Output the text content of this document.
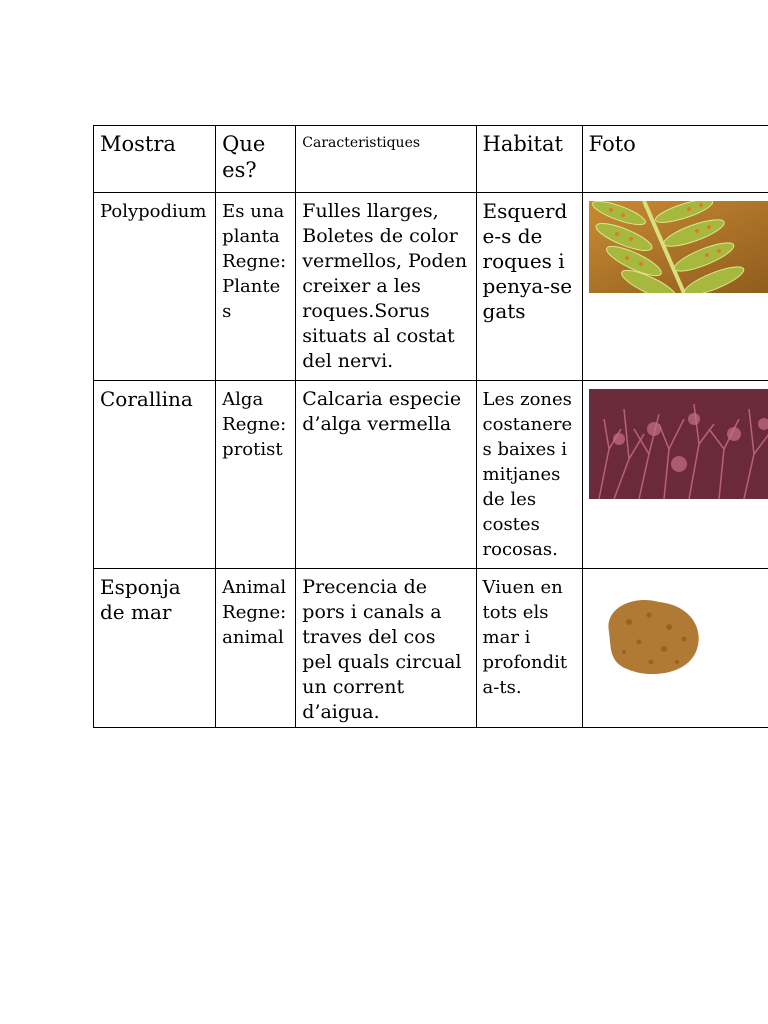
Mostra	Que es?	Caracteristiques	Habitat	Foto
Polypodium	Es una planta Regne: Plantes	Fulles llarges, Boletes de color vermellos, Poden creixer a les roques.Sorus situats al costat del nervi.	Esquerde-s de roques i penya-se gats	

Corallina	Alga Regne: protist	Calcaria especie d’alga vermella	Les zones costanere s baixes i mitjanes de les costes rocosas.	

Esponja de mar	Animal Regne: animal	Precencia de pors i canals a traves del cos pel quals circual un corrent d’aigua.	Viuen en tots els mar i profondit a-ts.	
